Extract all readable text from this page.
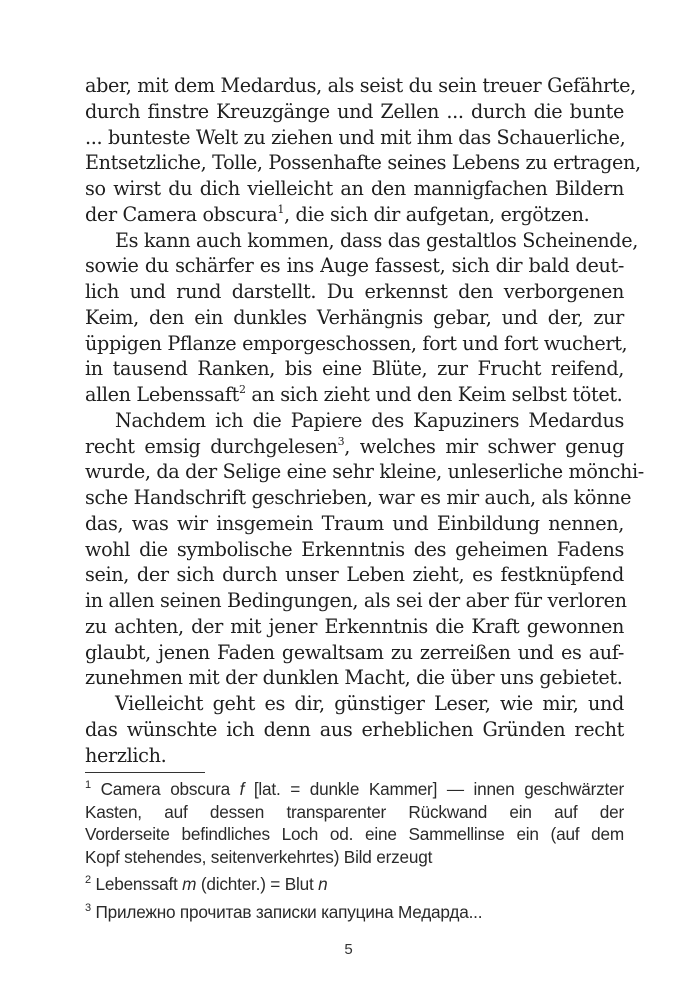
aber, mit dem Medardus, als seist du sein treuer Gefährte,
durch finstre Kreuzgänge und Zellen ... durch die bunte
... bunteste Welt zu ziehen und mit ihm das Schauerliche,
Entsetzliche, Tolle, Possenhafte seines Lebens zu ertragen,
so wirst du dich vielleicht an den mannigfachen Bildern
der Camera obscura$^1$, die sich dir aufgetan, ergötzen.
Es kann auch kommen, dass das gestaltlos Scheinende,
sowie du schärfer es ins Auge fassest, sich dir bald deut-
lich und rund darstellt. Du erkennst den verborgenen
Keim, den ein dunkles Verhängnis gebar, und der, zur
üppigen Pflanze emporgeschossen, fort und fort wuchert,
in tausend Ranken, bis eine Blüte, zur Frucht reifend,
allen Lebenssaft$^2$ an sich zieht und den Keim selbst tötet.
Nachdem ich die Papiere des Kapuziners Medardus
recht emsig durchgelesen$^3$, welches mir schwer genug
wurde, da der Selige eine sehr kleine, unleserliche mönchi-
sche Handschrift geschrieben, war es mir auch, als könne
das, was wir insgemein Traum und Einbildung nennen,
wohl die symbolische Erkenntnis des geheimen Fadens
sein, der sich durch unser Leben zieht, es festknüpfend
in allen seinen Bedingungen, als sei der aber für verloren
zu achten, der mit jener Erkenntnis die Kraft gewonnen
glaubt, jenen Faden gewaltsam zu zerreißen und es auf-
zunehmen mit der dunklen Macht, die über uns gebietet.
Vielleicht geht es dir, günstiger Leser, wie mir, und
das wünschte ich denn aus erheblichen Gründen recht
herzlich.
$^1$ Camera obscura f [lat. = dunkle Kammer] — innen geschwärzter
Kasten, auf dessen transparenter Rückwand ein auf der
Vorderseite befindliches Loch od. eine Sammellinse ein (auf dem
Kopf stehendes, seitenverkehrtes) Bild erzeugt
$^2$ Lebenssaft m (dichter.) = Blut n
$^3$ Прилежно прочитав записки капуцина Медарда...
5
